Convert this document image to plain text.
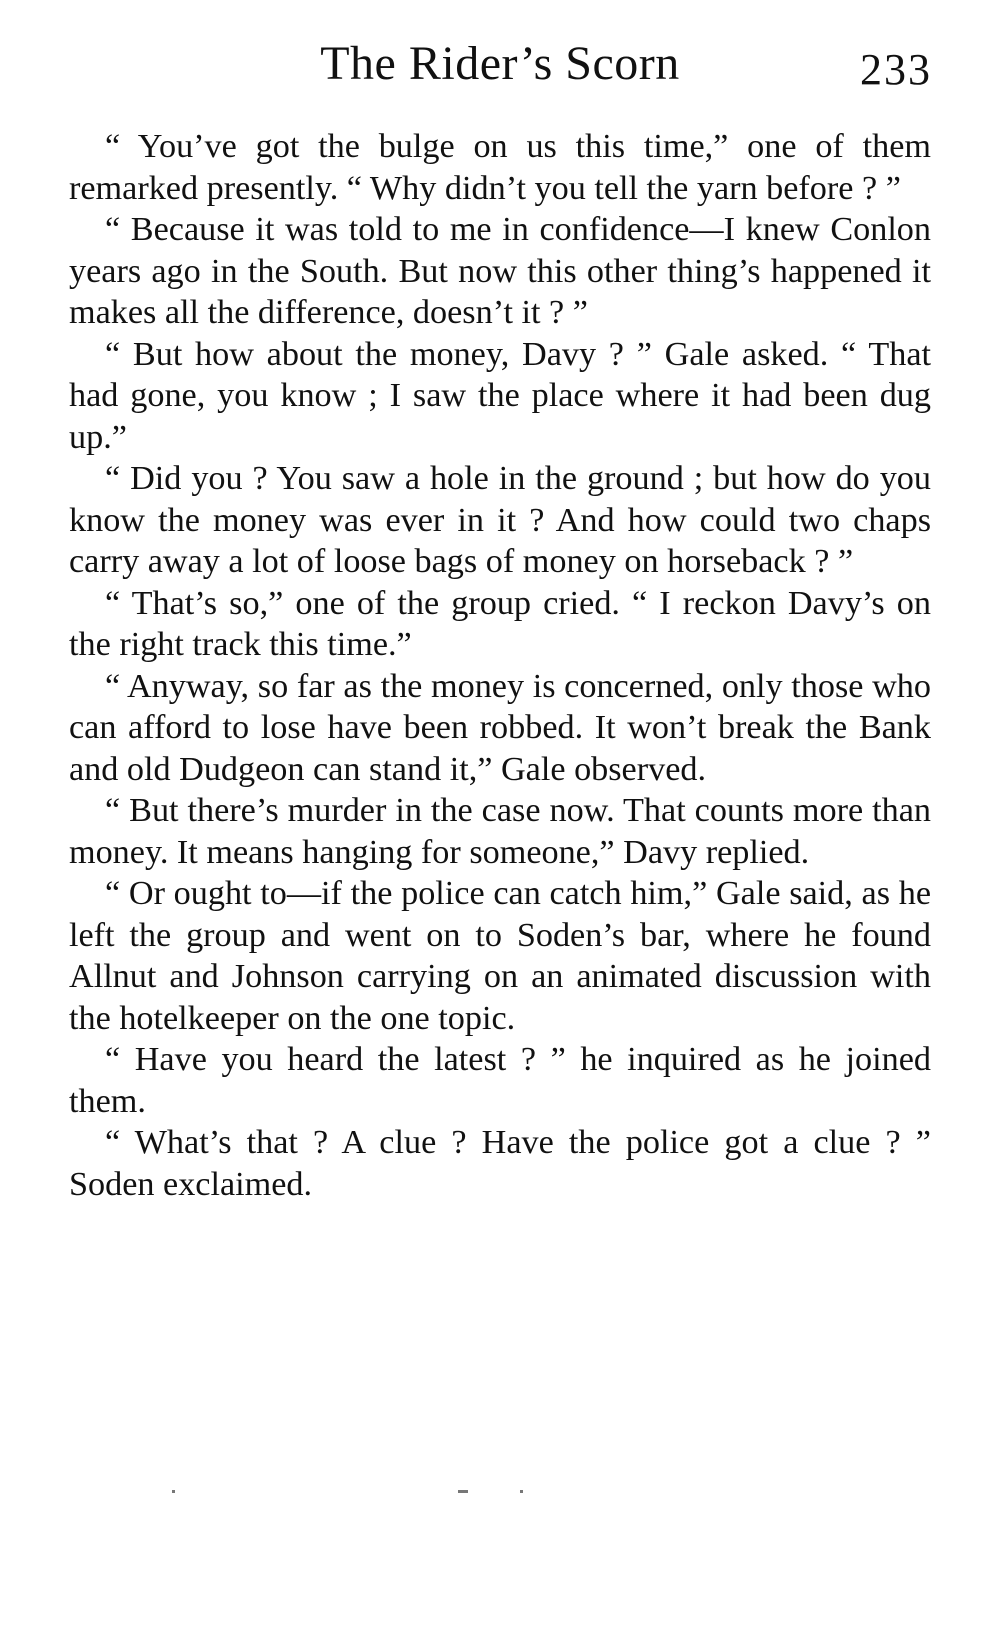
The Rider’s Scorn	233

“ You’ve got the bulge on us this time,” one of them remarked presently. “ Why didn’t you tell the yarn before ? ”

“ Because it was told to me in confidence—I knew Conlon years ago in the South. But now this other thing’s happened it makes all the difference, doesn’t it ? ”

“ But how about the money, Davy ? ” Gale asked. “ That had gone, you know ; I saw the place where it had been dug up.”

“ Did you ? You saw a hole in the ground ; but how do you know the money was ever in it ? And how could two chaps carry away a lot of loose bags of money on horseback ? ”

“ That’s so,” one of the group cried. “ I reckon Davy’s on the right track this time.”

“ Anyway, so far as the money is concerned, only those who can afford to lose have been robbed. It won’t break the Bank and old Dudgeon can stand it,” Gale observed.

“ But there’s murder in the case now. That counts more than money. It means hanging for someone,” Davy replied.

“ Or ought to—if the police can catch him,” Gale said, as he left the group and went on to Soden’s bar, where he found Allnut and Johnson carrying on an animated discussion with the hotelkeeper on the one topic.

“ Have you heard the latest ? ” he inquired as he joined them.

“ What’s that ? A clue ? Have the police got a clue ? ” Soden exclaimed.
